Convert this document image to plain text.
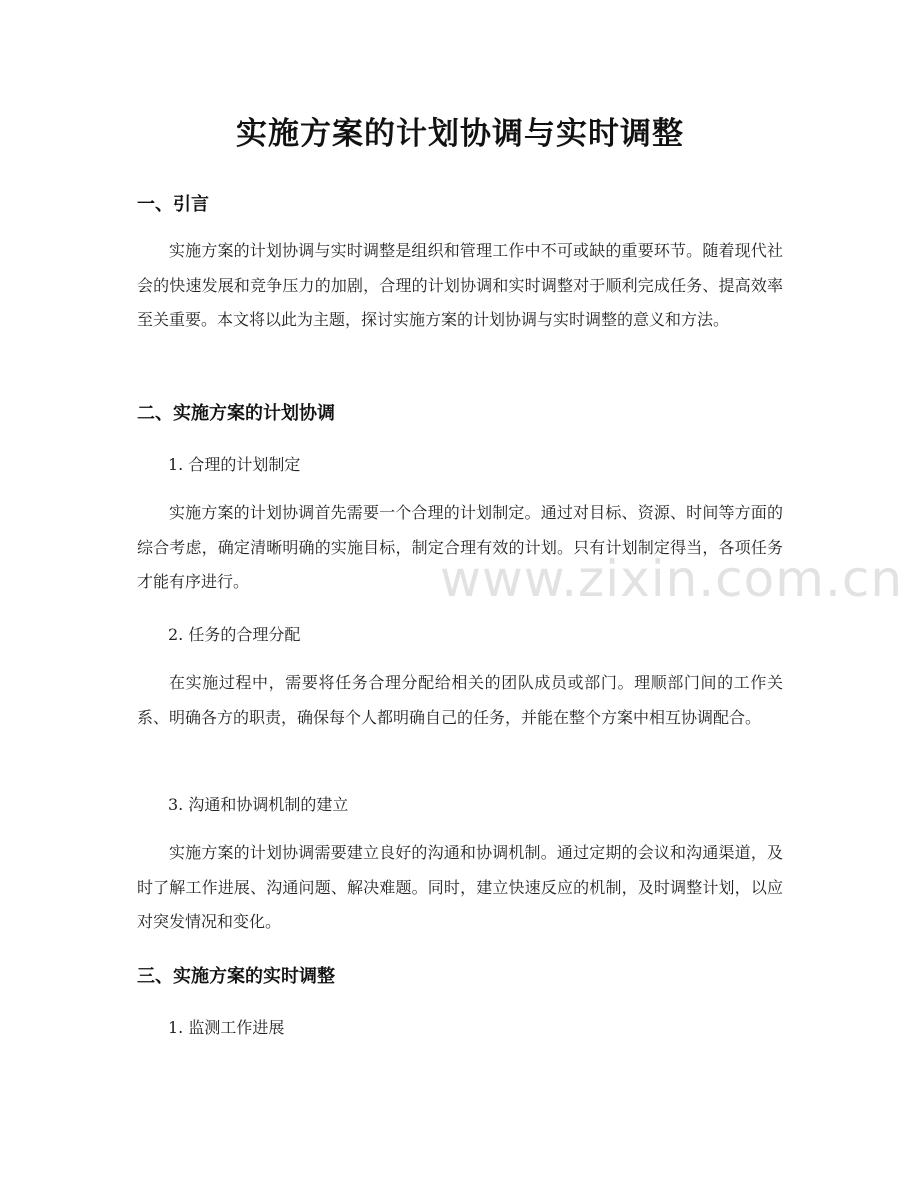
实施方案的计划协调与实时调整
一、引言

实施方案的计划协调与实时调整是组织和管理工作中不可或缺的重要环节。随着现代社会的快速发展和竞争压力的加剧，合理的计划协调和实时调整对于顺利完成任务、提高效率至关重要。本文将以此为主题，探讨实施方案的计划协调与实时调整的意义和方法。

二、实施方案的计划协调

1. 合理的计划制定

实施方案的计划协调首先需要一个合理的计划制定。通过对目标、资源、时间等方面的综合考虑，确定清晰明确的实施目标，制定合理有效的计划。只有计划制定得当，各项任务才能有序进行。

2. 任务的合理分配

在实施过程中，需要将任务合理分配给相关的团队成员或部门。理顺部门间的工作关系、明确各方的职责，确保每个人都明确自己的任务，并能在整个方案中相互协调配合。

3. 沟通和协调机制的建立

实施方案的计划协调需要建立良好的沟通和协调机制。通过定期的会议和沟通渠道，及时了解工作进展、沟通问题、解决难题。同时，建立快速反应的机制，及时调整计划，以应对突发情况和变化。

三、实施方案的实时调整

1. 监测工作进展

www.zixin.com.cn
